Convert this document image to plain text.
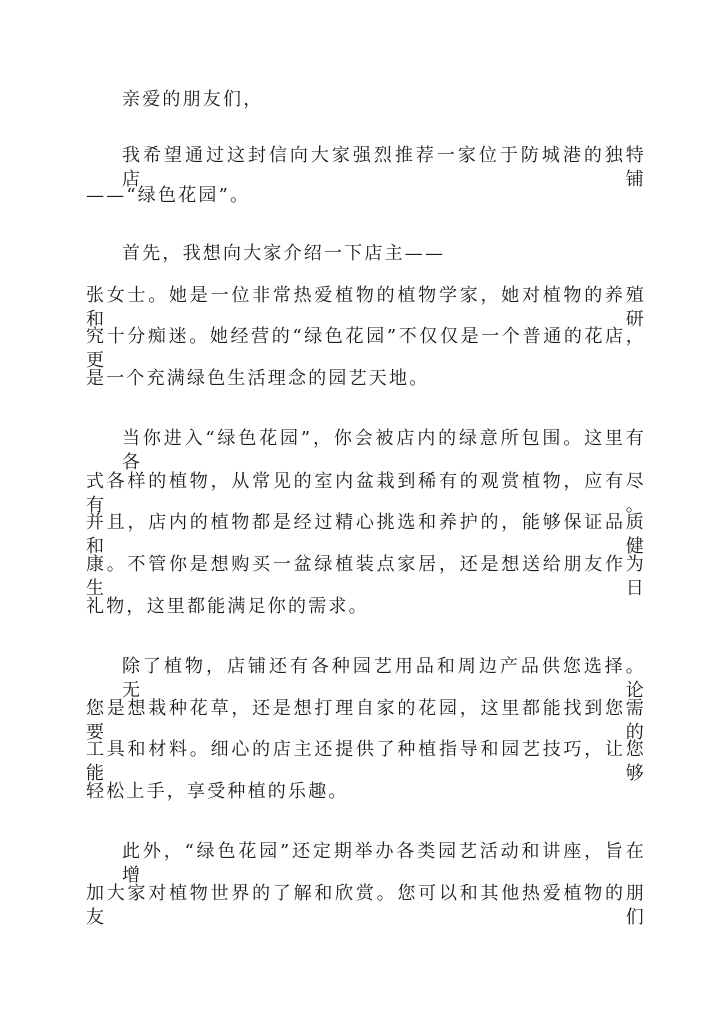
亲爱的朋友们，
我希望通过这封信向大家强烈推荐一家位于防城港的独特店铺
——“绿色花园”。
首先，我想向大家介绍一下店主——
张女士。她是一位非常热爱植物的植物学家，她对植物的养殖和研
究十分痴迷。她经营的“绿色花园”不仅仅是一个普通的花店，更
是一个充满绿色生活理念的园艺天地。
当你进入“绿色花园”，你会被店内的绿意所包围。这里有各
式各样的植物，从常见的室内盆栽到稀有的观赏植物，应有尽有。
并且，店内的植物都是经过精心挑选和养护的，能够保证品质和健
康。不管你是想购买一盆绿植装点家居，还是想送给朋友作为生日
礼物，这里都能满足你的需求。
除了植物，店铺还有各种园艺用品和周边产品供您选择。无论
您是想栽种花草，还是想打理自家的花园，这里都能找到您需要的
工具和材料。细心的店主还提供了种植指导和园艺技巧，让您能够
轻松上手，享受种植的乐趣。
此外，“绿色花园”还定期举办各类园艺活动和讲座，旨在增
加大家对植物世界的了解和欣赏。您可以和其他热爱植物的朋友们
